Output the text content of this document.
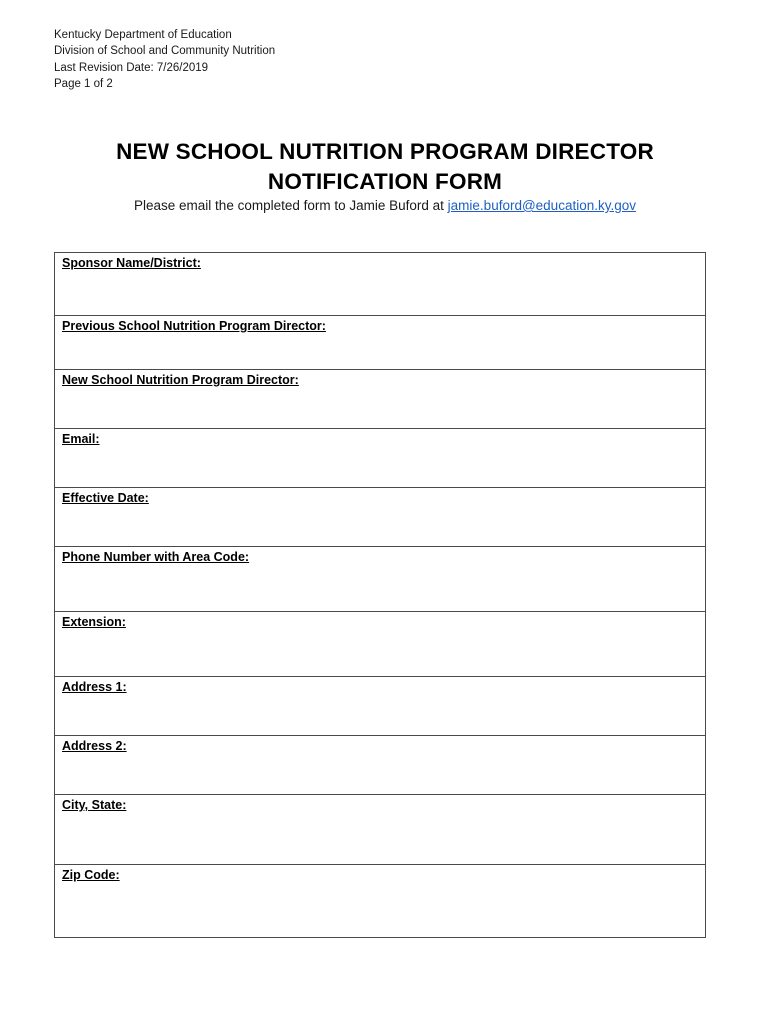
Kentucky Department of Education
Division of School and Community Nutrition
Last Revision Date: 7/26/2019
Page 1 of 2
NEW SCHOOL NUTRITION PROGRAM DIRECTOR
NOTIFICATION FORM
Please email the completed form to Jamie Buford at jamie.buford@education.ky.gov
Sponsor Name/District:
Previous School Nutrition Program Director:
New School Nutrition Program Director:
Email:
Effective Date:
Phone Number with Area Code:
Extension:
Address 1:
Address 2:
City, State:
Zip Code:
